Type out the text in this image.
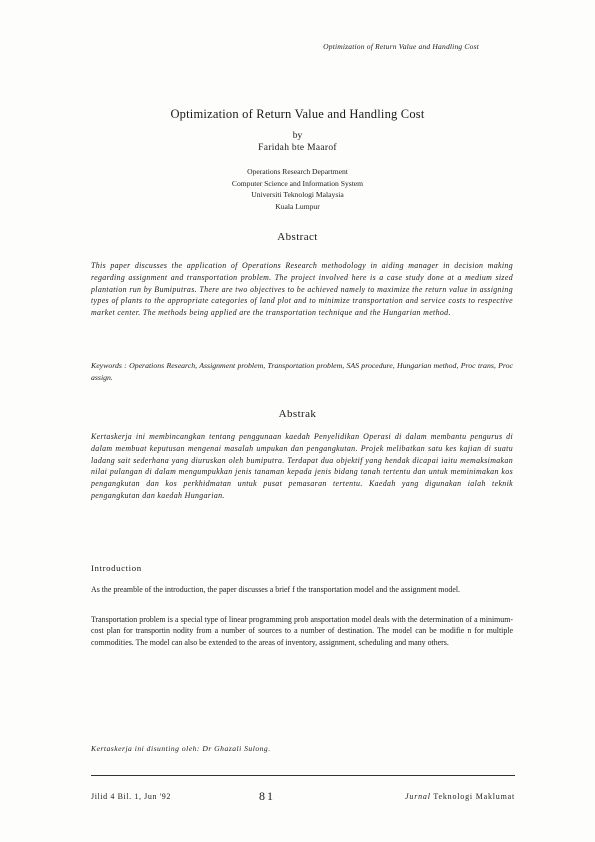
Optimization of Return Value and Handling Cost
Optimization of Return Value and Handling Cost
by
Faridah bte Maarof
Operations Research Department
Computer Science and Information System
Universiti Teknologi Malaysia
Kuala Lumpur
Abstract
This paper discusses the application of Operations Research methodology in aiding manager in decision making regarding assignment and transportation problem. The project involved here is a case study done at a medium sized plantation run by Bumiputras. There are two objectives to be achieved namely to maximize the return value in assigning types of plants to the appropriate categories of land plot and to minimize transportation and service costs to respective market center. The methods being applied are the transportation technique and the Hungarian method.
Keywords : Operations Research, Assignment problem, Transportation problem, SAS procedure, Hungarian method, Proc trans, Proc assign.
Abstrak
Kertaskerja ini membincangkan tentang penggunaan kaedah Penyelidikan Operasi di dalam membantu pengurus di dalam membuat keputusan mengenai masalah umpukan dan pengangkutan. Projek melibatkan satu kes kajian di suatu ladang sait sederhana yang diuruskan oleh bumiputra. Terdapat dua objektif yang hendak dicapai iaitu memaksimakan nilai pulangan di dalam mengumpukkan jenis tanaman kepada jenis bidang tanah tertentu dan untuk meminimakan kos pengangkutan dan kos perkhidmatan untuk pusat pemasaran tertentu. Kaedah yang digunakan ialah teknik pengangkutan dan kaedah Hungarian.
Introduction
As the preamble of the introduction, the paper discusses a brief f the transportation model and the assignment model.
Transportation problem is a special type of linear programming prob ansportation model deals with the determination of a minimum-cost plan for transportin nodity from a number of sources to a number of destination. The model can be modifie n for multiple commodities. The model can also be extended to the areas of inventory, assignment, scheduling and many others.
Kertaskerja ini disunting oleh: Dr Ghazali Sulong.
Jilid 4 Bil. 1, Jun '92	81	Jurnal Teknologi Maklumat
